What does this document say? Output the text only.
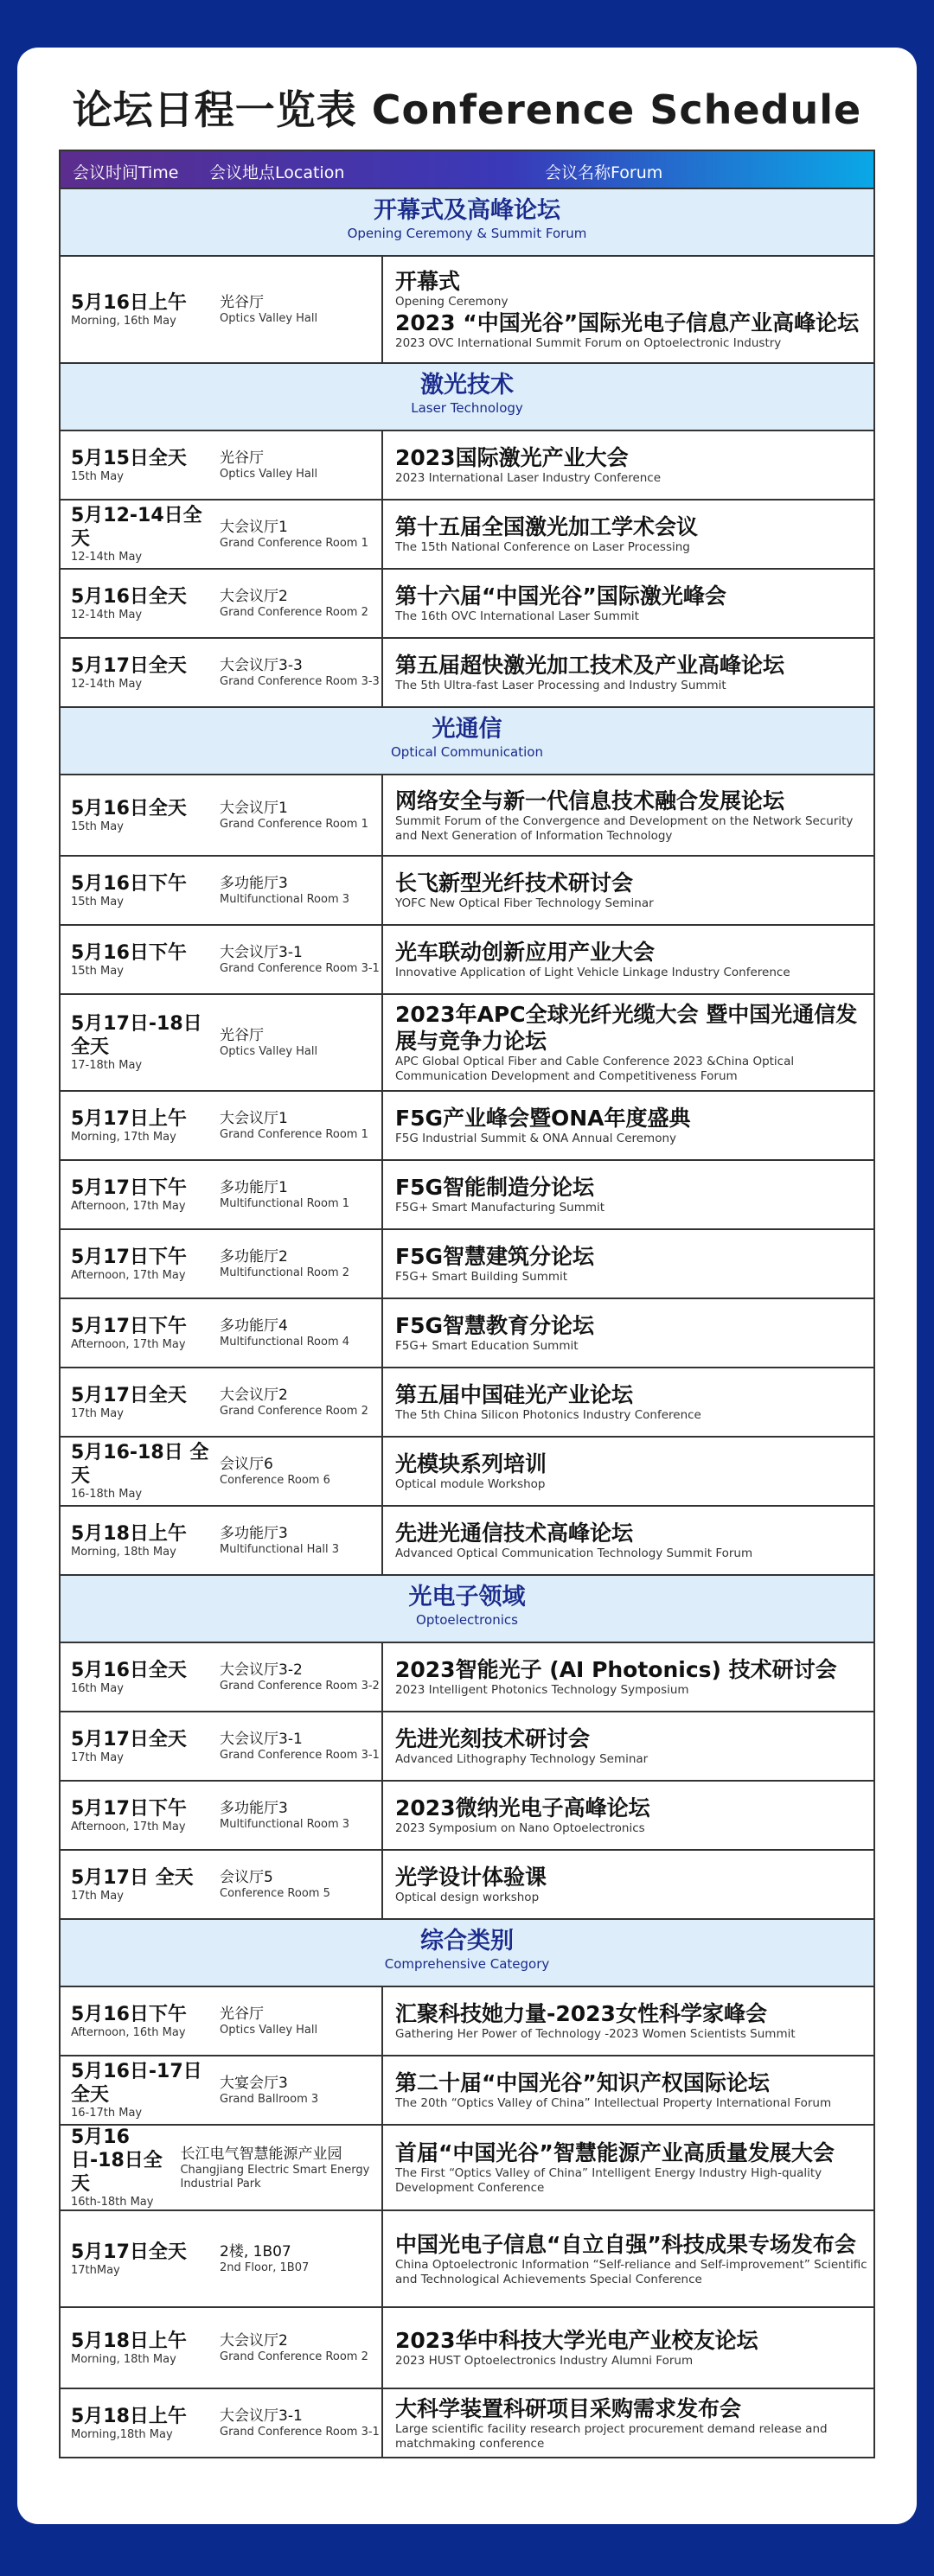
论坛日程一览表 Conference Schedule
会议时间Time 会议地点Location	会议名称Forum
开幕式及高峰论坛
Opening Ceremony & Summit Forum
5月16日上午
Morning, 16th May
光谷厅
Optics Valley Hall
开幕式
Opening Ceremony
2023 “中国光谷”国际光电子信息产业高峰论坛
2023 OVC International Summit Forum on Optoelectronic Industry
激光技术
Laser Technology
5月15日全天
15th May
光谷厅
Optics Valley Hall
2023国际激光产业大会
2023 International Laser Industry Conference
5月12-14日全天
12-14th May
大会议厅1
Grand Conference Room 1
第十五届全国激光加工学术会议
The 15th National Conference on Laser Processing
5月16日全天
12-14th May
大会议厅2
Grand Conference Room 2
第十六届“中国光谷”国际激光峰会
The 16th OVC International Laser Summit
5月17日全天
12-14th May
大会议厅3-3
Grand Conference Room 3-3
第五届超快激光加工技术及产业高峰论坛
The 5th Ultra-fast Laser Processing and Industry Summit
光通信
Optical Communication
5月16日全天
15th May
大会议厅1
Grand Conference Room 1
网络安全与新一代信息技术融合发展论坛
Summit Forum of the Convergence and Development on the Network Security and Next Generation of Information Technology
5月16日下午
15th May
多功能厅3
Multifunctional Room 3
长飞新型光纤技术研讨会
YOFC New Optical Fiber Technology Seminar
5月16日下午
15th May
大会议厅3-1
Grand Conference Room 3-1
光车联动创新应用产业大会
Innovative Application of Light Vehicle Linkage Industry Conference
5月17日-18日全天
17-18th May
光谷厅
Optics Valley Hall
2023年APC全球光纤光缆大会 暨中国光通信发展与竞争力论坛
APC Global Optical Fiber and Cable Conference 2023 &China Optical Communication Development and Competitiveness Forum
5月17日上午
Morning, 17th May
大会议厅1
Grand Conference Room 1
F5G产业峰会暨ONA年度盛典
F5G Industrial Summit & ONA Annual Ceremony
5月17日下午
Afternoon, 17th May
多功能厅1
Multifunctional Room 1
F5G智能制造分论坛
F5G+ Smart Manufacturing Summit
5月17日下午
Afternoon, 17th May
多功能厅2
Multifunctional Room 2
F5G智慧建筑分论坛
F5G+ Smart Building Summit
5月17日下午
Afternoon, 17th May
多功能厅4
Multifunctional Room 4
F5G智慧教育分论坛
F5G+ Smart Education Summit
5月17日全天
17th May
大会议厅2
Grand Conference Room 2
第五届中国硅光产业论坛
The 5th China Silicon Photonics Industry Conference
5月16-18日 全天
16-18th May
会议厅6
Conference Room 6
光模块系列培训
Optical module Workshop
5月18日上午
Morning, 18th May
多功能厅3
Multifunctional Hall 3
先进光通信技术高峰论坛
Advanced Optical Communication Technology Summit Forum
光电子领域
Optoelectronics
5月16日全天
16th May
大会议厅3-2
Grand Conference Room 3-2
2023智能光子 (AI Photonics) 技术研讨会
2023 Intelligent Photonics Technology Symposium
5月17日全天
17th May
大会议厅3-1
Grand Conference Room 3-1
先进光刻技术研讨会
Advanced Lithography Technology Seminar
5月17日下午
Afternoon, 17th May
多功能厅3
Multifunctional Room 3
2023微纳光电子高峰论坛
2023 Symposium on Nano Optoelectronics
5月17日 全天
17th May
会议厅5
Conference Room 5
光学设计体验课
Optical design workshop
综合类别
Comprehensive Category
5月16日下午
Afternoon, 16th May
光谷厅
Optics Valley Hall
汇聚科技她力量-2023女性科学家峰会
Gathering Her Power of Technology -2023 Women Scientists Summit
5月16日-17日全天
16-17th May
大宴会厅3
Grand Ballroom 3
第二十届“中国光谷”知识产权国际论坛
The 20th “Optics Valley of China” Intellectual Property International Forum
5月16日-18日全天
16th-18th May
长江电气智慧能源产业园
Changjiang Electric Smart Energy Industrial Park
首届“中国光谷”智慧能源产业高质量发展大会
The First “Optics Valley of China” Intelligent Energy Industry High-quality Development Conference
5月17日全天
17thMay
2楼, 1B07
2nd Floor, 1B07
中国光电子信息“自立自强”科技成果专场发布会
China Optoelectronic Information “Self-reliance and Self-improvement” Scientific and Technological Achievements Special Conference
5月18日上午
Morning, 18th May
大会议厅2
Grand Conference Room 2
2023华中科技大学光电产业校友论坛
2023 HUST Optoelectronics Industry Alumni Forum
5月18日上午
Morning,18th May
大会议厅3-1
Grand Conference Room 3-1
大科学装置科研项目采购需求发布会
Large scientific facility research project procurement demand release and matchmaking conference
